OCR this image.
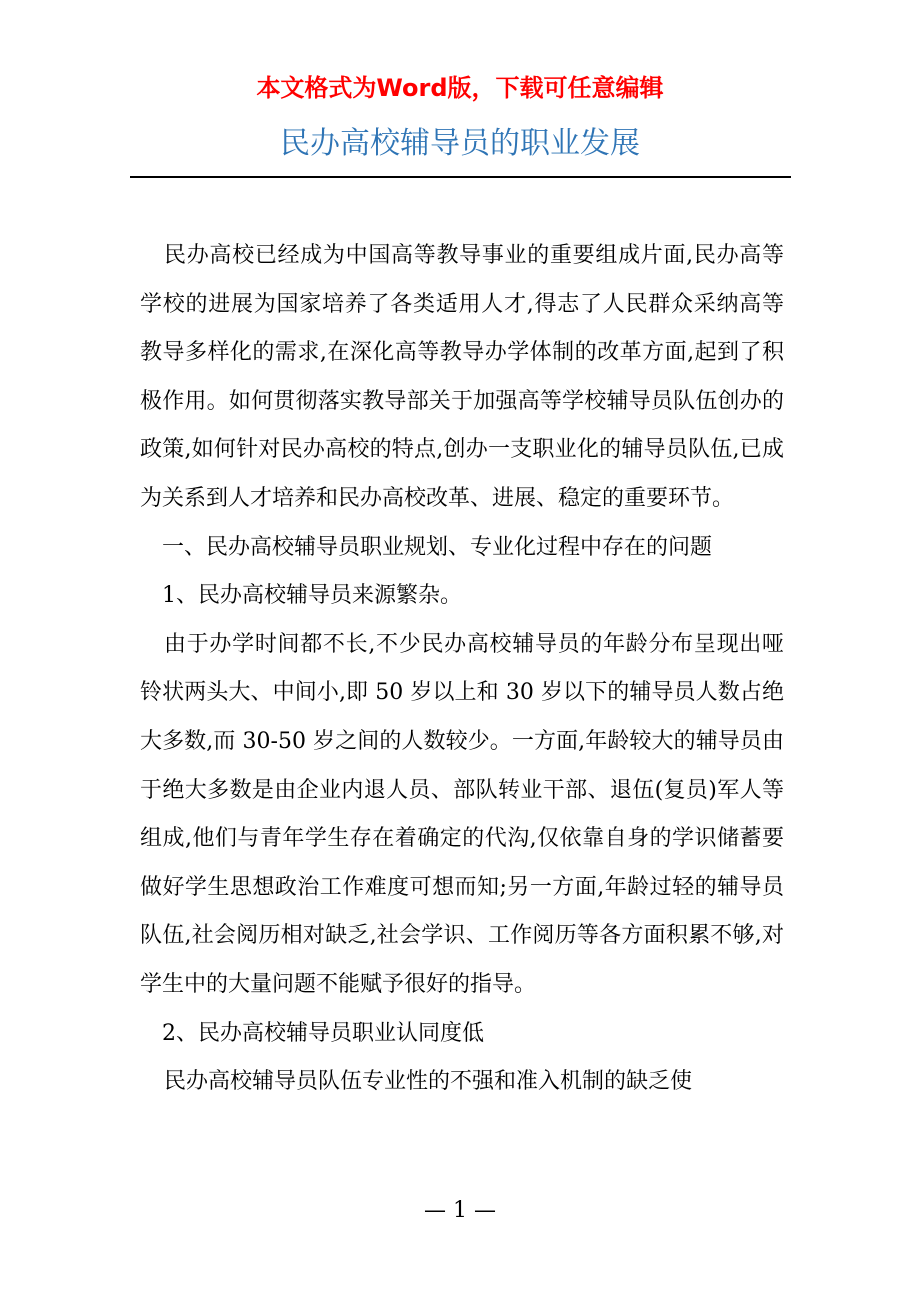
本文格式为Word版，下载可任意编辑
民办高校辅导员的职业发展

民办高校已经成为中国高等教导事业的重要组成片面,民办高等学校的进展为国家培养了各类适用人才,得志了人民群众采纳高等教导多样化的需求,在深化高等教导办学体制的改革方面,起到了积极作用。如何贯彻落实教导部关于加强高等学校辅导员队伍创办的政策,如何针对民办高校的特点,创办一支职业化的辅导员队伍,已成为关系到人才培养和民办高校改革、进展、稳定的重要环节。

一、民办高校辅导员职业规划、专业化过程中存在的问题

1、民办高校辅导员来源繁杂。

由于办学时间都不长,不少民办高校辅导员的年龄分布呈现出哑铃状两头大、中间小,即 50 岁以上和 30 岁以下的辅导员人数占绝大多数,而 30-50 岁之间的人数较少。一方面,年龄较大的辅导员由于绝大多数是由企业内退人员、部队转业干部、退伍(复员)军人等组成,他们与青年学生存在着确定的代沟,仅依靠自身的学识储蓄要做好学生思想政治工作难度可想而知;另一方面,年龄过轻的辅导员队伍,社会阅历相对缺乏,社会学识、工作阅历等各方面积累不够,对学生中的大量问题不能赋予很好的指导。

2、民办高校辅导员职业认同度低

民办高校辅导员队伍专业性的不强和准入机制的缺乏使

— 1 —
